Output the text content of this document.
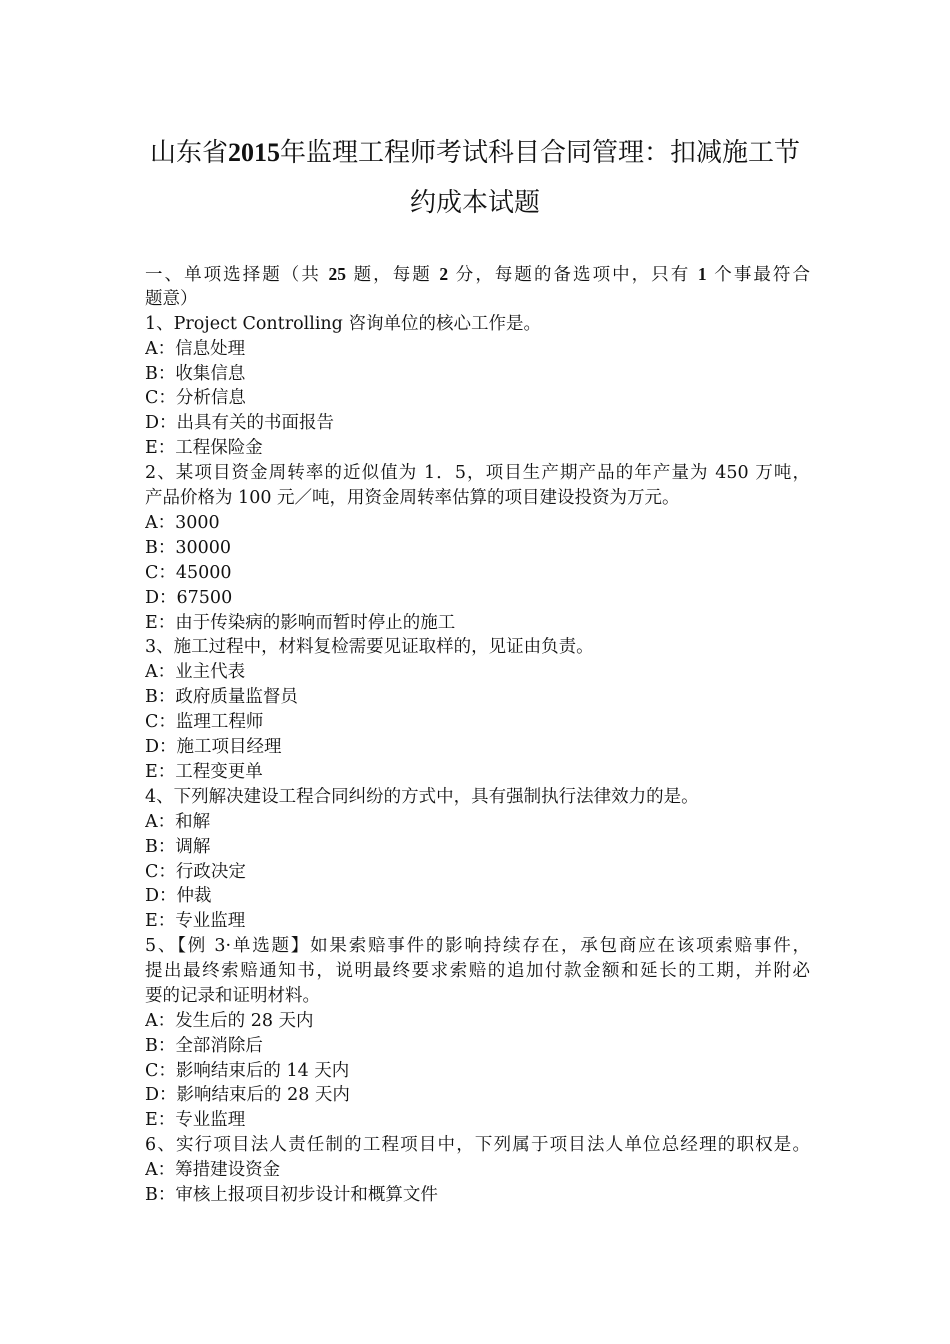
山东省2015年监理工程师考试科目合同管理：扣减施工节
约成本试题
一、单项选择题（共 25 题，每题 2 分，每题的备选项中，只有 1 个事最符合
题意）
1、Project Controlling 咨询单位的核心工作是。
A：信息处理
B：收集信息
C：分析信息
D：出具有关的书面报告
E：工程保险金
2、某项目资金周转率的近似值为 1．5，项目生产期产品的年产量为 450 万吨，
产品价格为 100 元／吨，用资金周转率估算的项目建设投资为万元。
A：3000
B：30000
C：45000
D：67500
E：由于传染病的影响而暂时停止的施工
3、施工过程中，材料复检需要见证取样的，见证由负责。
A：业主代表
B：政府质量监督员
C：监理工程师
D：施工项目经理
E：工程变更单
4、下列解决建设工程合同纠纷的方式中，具有强制执行法律效力的是。
A：和解
B：调解
C：行政决定
D：仲裁
E：专业监理
5、【例 3·单选题】如果索赔事件的影响持续存在，承包商应在该项索赔事件，
提出最终索赔通知书，说明最终要求索赔的追加付款金额和延长的工期，并附必
要的记录和证明材料。
A：发生后的 28 天内
B：全部消除后
C：影响结束后的 14 天内
D：影响结束后的 28 天内
E：专业监理
6、实行项目法人责任制的工程项目中，下列属于项目法人单位总经理的职权是。
A：筹措建设资金
B：审核上报项目初步设计和概算文件
